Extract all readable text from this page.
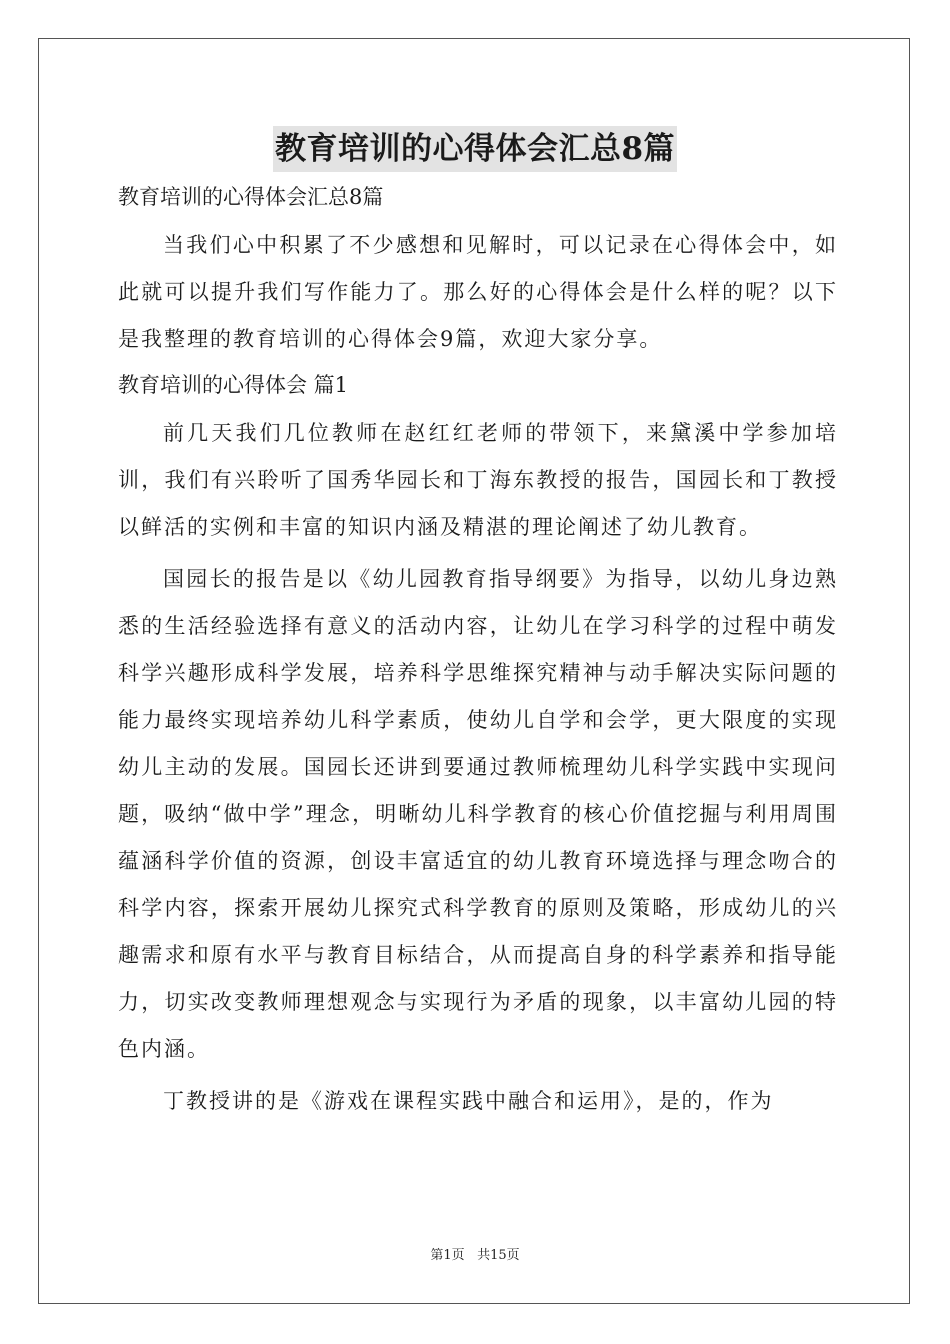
教育培训的心得体会汇总8篇
教育培训的心得体会汇总8篇

当我们心中积累了不少感想和见解时，可以记录在心得体会中，如此就可以提升我们写作能力了。那么好的心得体会是什么样的呢？以下是我整理的教育培训的心得体会9篇，欢迎大家分享。

教育培训的心得体会 篇1

前几天我们几位教师在赵红红老师的带领下，来黛溪中学参加培训，我们有兴聆听了国秀华园长和丁海东教授的报告，国园长和丁教授以鲜活的实例和丰富的知识内涵及精湛的理论阐述了幼儿教育。

国园长的报告是以《幼儿园教育指导纲要》为指导，以幼儿身边熟悉的生活经验选择有意义的活动内容，让幼儿在学习科学的过程中萌发科学兴趣形成科学发展，培养科学思维探究精神与动手解决实际问题的能力最终实现培养幼儿科学素质，使幼儿自学和会学，更大限度的实现幼儿主动的发展。国园长还讲到要通过教师梳理幼儿科学实践中实现问题，吸纳“做中学”理念，明晰幼儿科学教育的核心价值挖掘与利用周围蕴涵科学价值的资源，创设丰富适宜的幼儿教育环境选择与理念吻合的科学内容，探索开展幼儿探究式科学教育的原则及策略，形成幼儿的兴趣需求和原有水平与教育目标结合，从而提高自身的科学素养和指导能力，切实改变教师理想观念与实现行为矛盾的现象，以丰富幼儿园的特色内涵。

丁教授讲的是《游戏在课程实践中融合和运用》，是的，作为

第1页 共15页
